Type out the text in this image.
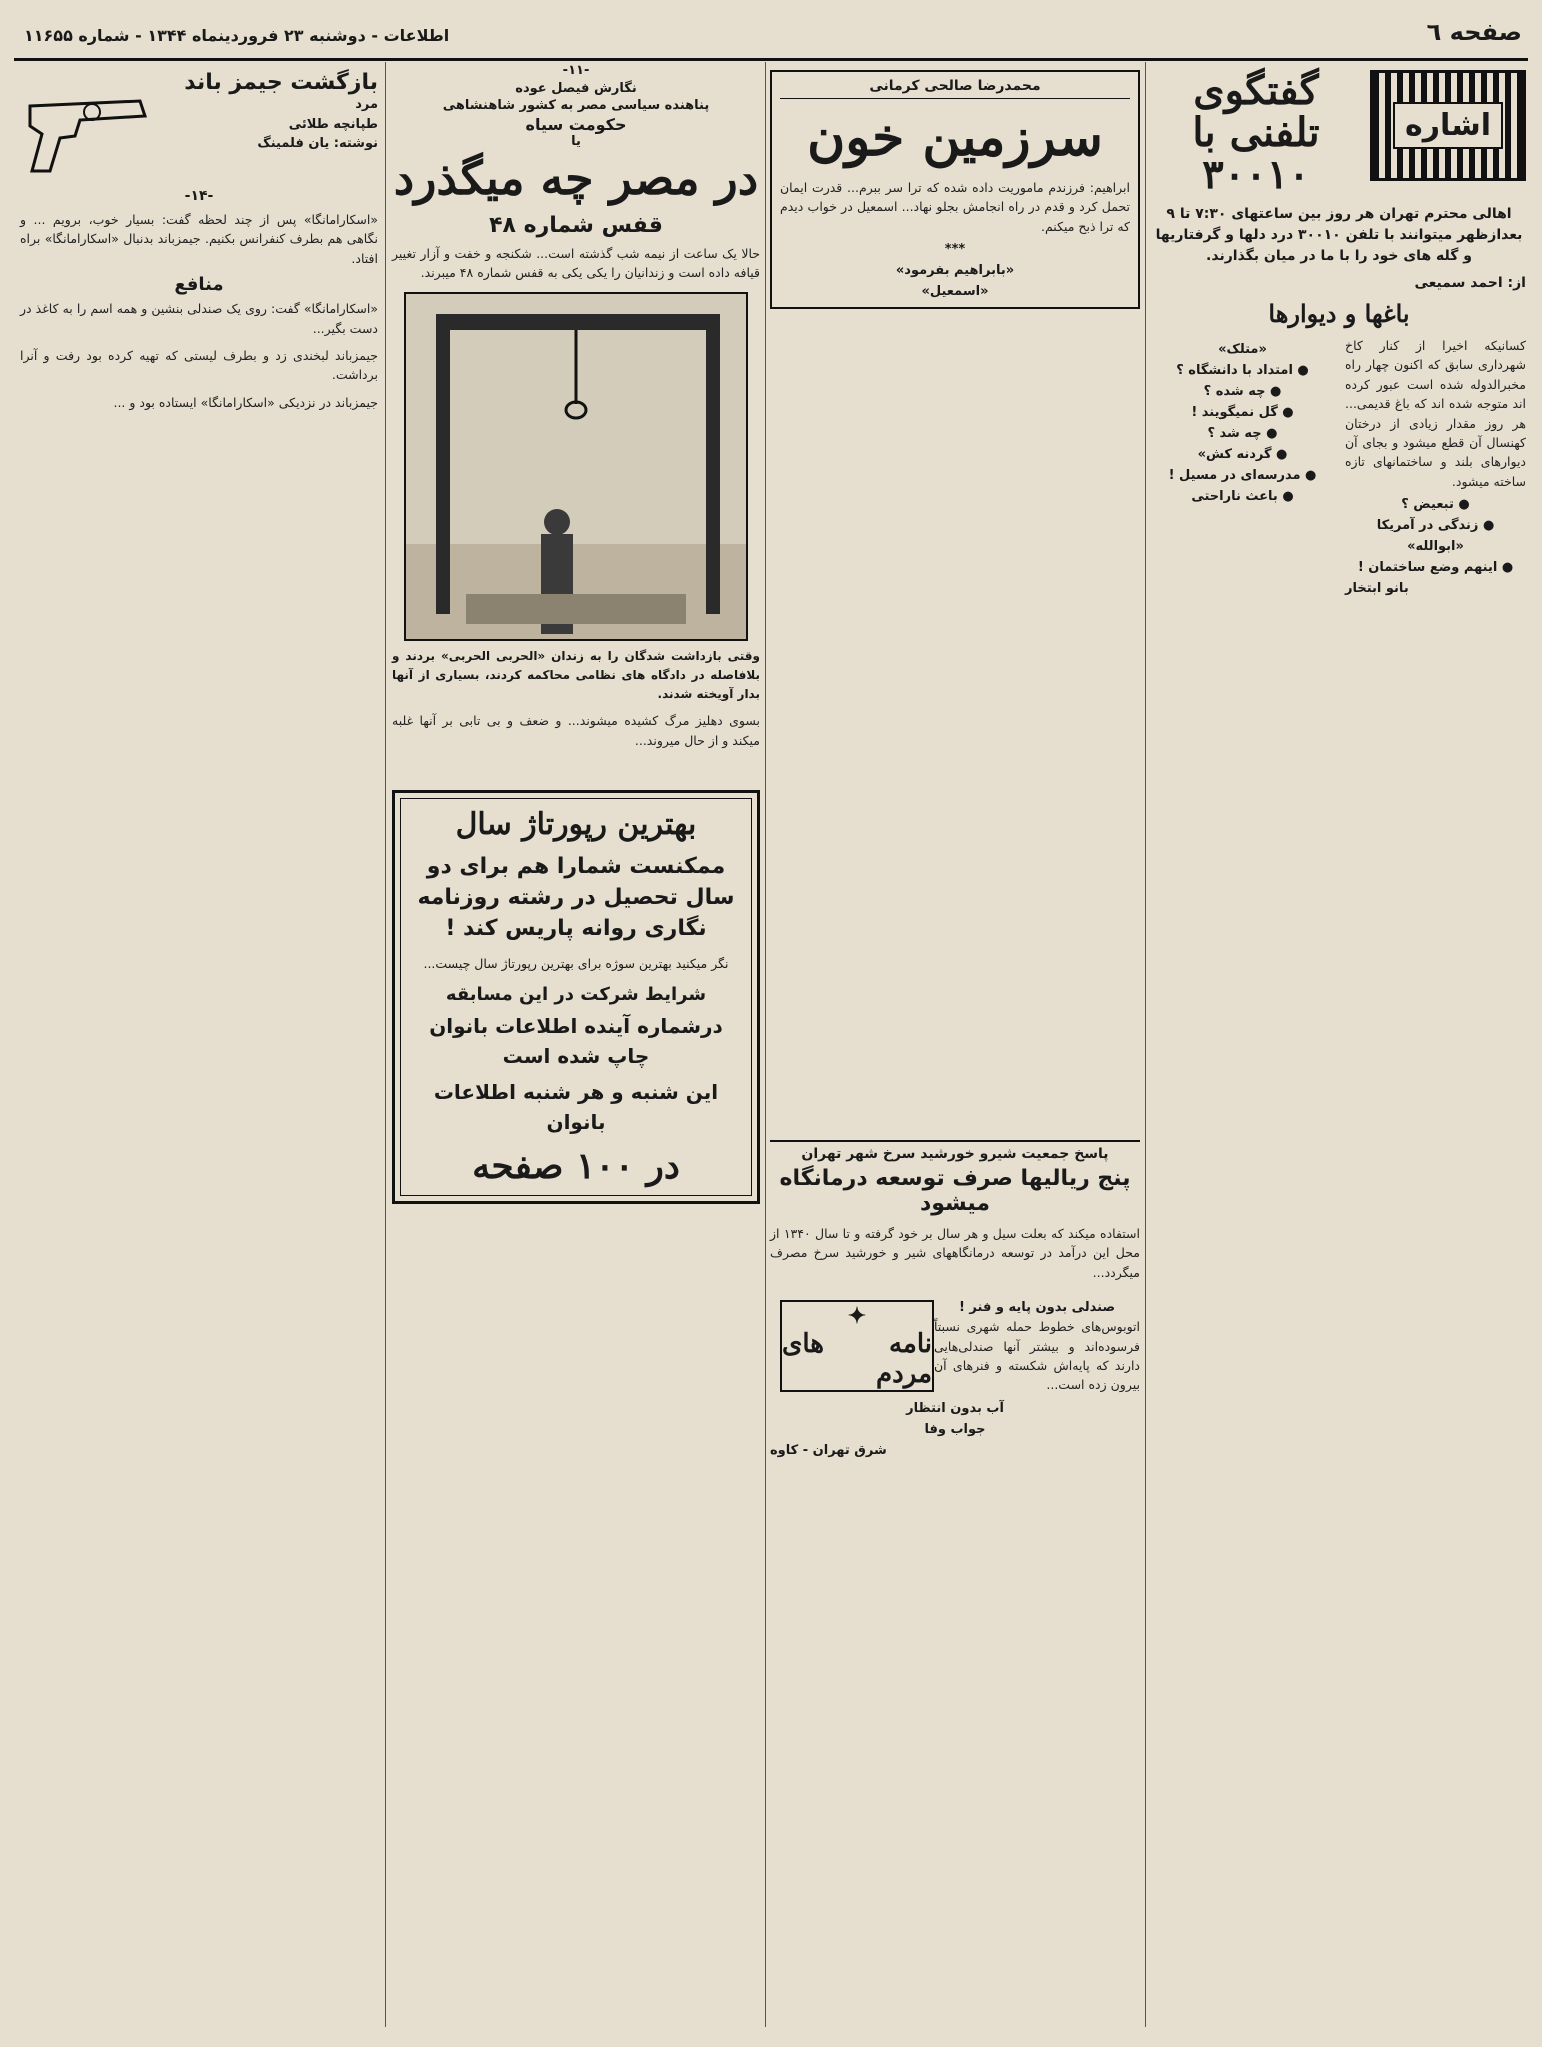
صفحه ٦
اطلاعات - دوشنبه ۲۳ فروردینماه ۱۳۴۴ - شماره ۱۱۶۵۵
اشاره
گفتگوی تلفنی با ۳۰۰۱۰
اهالی محترم تهران هر روز بین ساعتهای ۷:۳۰ تا ۹ بعدازظهر میتوانند با تلفن ۳۰۰۱۰ درد دلها و گرفتاریها و گله های خود را با ما در میان بگذارند.
از: احمد سمیعی
باغها و دیوارها
کسانیکه اخیرا از کنار کاخ شهرداری سابق که اکنون چهار راه مخبرالدوله شده است عبور کرده اند متوجه شده اند که باغ قدیمی... هر روز مقدار زیادی از درختان کهنسال آن قطع میشود و بجای آن دیوارهای بلند و ساختمانهای تازه ساخته میشود.
● تبعیض ؟
● زندگی در آمریکا
«ابوالله»
● اینهم وضع ساختمان !
بانو ابتخار
«متلک»
● امتداد با دانشگاه ؟
● چه شده ؟
● گل نمیگویند !
● چه شد ؟
● گردنه کش»
● مدرسه‌ای در مسیل !
● باعث ناراحتی
محمدرضا صالحی کرمانی
سرزمین خون
ابراهیم: فرزندم ماموریت داده شده که ترا سر ببرم... قدرت ایمان تحمل کرد و قدم در راه انجامش بجلو نهاد... اسمعیل در خواب دیدم که ترا ذبح میکنم.
***
«بابراهیم بفرمود»
«اسمعیل»
پاسخ جمعیت شیرو خورشید سرخ شهر تهران
پنج ریالیها صرف توسعه درمانگاه میشود
استفاده میکند که بعلت سیل و هر سال بر خود گرفته و تا سال ۱۳۴۰ از محل این درآمد در توسعه درمانگاههای شیر و خورشید سرخ مصرف میگردد...
✦
نامه های مردم
صندلی بدون پایه و فنر !
اتوبوس‌های خطوط حمله شهری نسبتاً فرسوده‌اند و بیشتر آنها صندلی‌هایی دارند که پایه‌اش شکسته و فنرهای آن بیرون زده است...
آب بدون انتظار
جواب وفا
شرق تهران - کاوه
-۱۱-
نگارش فیصل عوده
پناهنده سیاسی مصر به کشور شاهنشاهی
حکومت سیاه
یا
در مصر چه میگذرد
قفس شماره ۴۸
حالا یک ساعت از نیمه شب گذشته است... شکنجه و خفت و آزار تغییر قیافه داده است و زندانیان را یکی یکی به قفس شماره ۴۸ میبرند.
وقتی بازداشت شدگان را به زندان «الحربی الحربی» بردند و بلافاصله در دادگاه های نظامی محاکمه کردند، بسیاری از آنها بدار آویخته شدند.
بسوی دهلیز مرگ کشیده میشوند... و ضعف و بی تابی بر آنها غلبه میکند و از حال میروند...
بهترین رپورتاژ سال
ممکنست شمارا هم برای دو سال تحصیل در رشته روزنامه نگاری روانه پاریس کند !
نگر میکنید بهترین سوژه برای بهترین رپورتاژ سال چیست...
شرایط شرکت در این مسابقه
درشماره آینده اطلاعات بانوان چاپ شده است
این شنبه و هر شنبه اطلاعات بانوان
در ۱۰۰ صفحه
بازگشت جیمز باند
مرد
طپانچه طلائی
نوشته: یان فلمینگ
-۱۴-
«اسکارامانگا» پس از چند لحظه گفت: بسیار خوب، برویم ... و نگاهی هم بطرف کنفرانس بکنیم. جیمزباند بدنبال «اسکارامانگا» براه افتاد.
منافع
«اسکارامانگا» گفت: روی یک صندلی بنشین و همه اسم را به کاغذ در دست بگیر...
جیمزباند لبخندی زد و بطرف لیستی که تهیه کرده بود رفت و آنرا برداشت.
جیمزباند در نزدیکی «اسکارامانگا» ایستاده بود و ...
